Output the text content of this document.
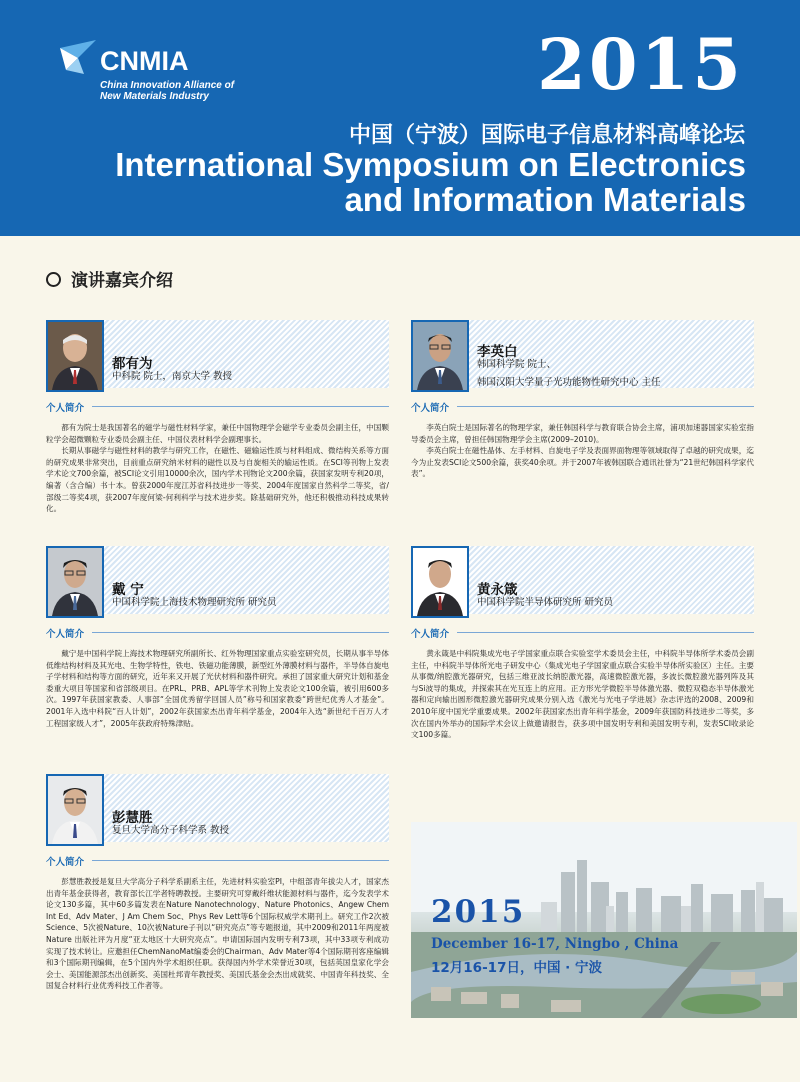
CNMIA
China Innovation Alliance of New Materials Industry	2015
中国（宁波）国际电子信息材料高峰论坛
International Symposium on Electronics
and Information Materials
演讲嘉宾介绍
都有为
中科院 院士，南京大学 教授
个人简介

都有为院士是我国著名的磁学与磁性材料学家，兼任中国物理学会磁学专业委员会副主任，中国颗粒学会超微颗粒专业委员会副主任、中国仪表材料学会副理事长。

长期从事磁学与磁性材料的教学与研究工作，在磁性、磁输运性质与材料组成、微结构关系等方面的研究成果非常突出，目前重点研究纳米材料的磁性以及与自旋相关的输运性质。在SCI等刊物上发表学术论文700余篇，被SCI论文引用10000余次，国内学术刊物论文200余篇，获国家发明专利20项，编著（含合编）书十本。曾获2000年度江苏省科技进步一等奖、2004年度国家自然科学二等奖，省/部级二等奖4项，获2007年度何梁-何利科学与技术进步奖。除基础研究外，他还积极推动科技成果转化。

李英白
韩国科学院 院士、
韩国汉阳大学量子光功能物性研究中心 主任
个人简介

李英白院士是国际著名的物理学家，兼任韩国科学与教育联合协会主席，浦项加速器国家实验室指导委员会主席，曾担任韩国物理学会主席(2009–2010)。

李英白院士在磁性晶体、左手材料、自旋电子学及表面界面物理等领域取得了卓越的研究成果，迄今为止发表SCI论文500余篇，获奖40余项。并于2007年被韩国联合通讯社誉为“21世纪韩国科学家代表”。

戴 宁
中国科学院上海技术物理研究所 研究员
个人简介

戴宁是中国科学院上海技术物理研究所副所长、红外物理国家重点实验室研究员，长期从事半导体低维结构材料及其光电、生物学特性，铁电、铁磁功能薄膜，新型红外薄膜材料与器件，半导体自旋电子学材料和结构等方面的研究，近年来又开展了光伏材料和器件研究。承担了国家重大研究计划和基金委重大项目等国家和省部级项目。在PRL、PRB、APL等学术刊物上发表论文100余篇，被引用600多次。1997年获国家教委、人事部“全国优秀留学回国人员”称号和国家教委“跨世纪优秀人才基金”。2001年入选中科院“百人计划”，2002年获国家杰出青年科学基金，2004年入选“新世纪千百万人才工程国家级人才”，2005年获政府特殊津贴。

黄永箴
中国科学院半导体研究所 研究员
个人简介

黄永箴是中科院集成光电子学国家重点联合实验室学术委员会主任，中科院半导体所学术委员会副主任，中科院半导体所光电子研发中心（集成光电子学国家重点联合实验半导体所实验区）主任。主要从事微/纳腔激光器研究，包括三维亚波长纳腔激光器，高速微腔激光器，多波长微腔激光器列阵及其与Si波导的集成，并探索其在光互连上的应用。正方形光学微腔半导体激光器、微腔双稳态半导体激光器和定向输出圆形微腔激光器研究成果分别入选《激光与光电子学进展》杂志评选的2008、2009和2010年度中国光学重要成果。2002年获国家杰出青年科学基金，2009年获国防科技进步二等奖，多次在国内外举办的国际学术会议上做邀请报告，获多项中国发明专利和美国发明专利，发表SCI收录论文100多篇。

彭慧胜
复旦大学高分子科学系 教授
个人简介

彭慧胜教授是复旦大学高分子科学系副系主任，先进材料实验室PI，中组部青年拔尖人才，国家杰出青年基金获得者，教育部长江学者特聘教授。主要研究可穿戴纤维状能源材料与器件，迄今发表学术论文130多篇，其中60多篇发表在Nature Nanotechnology、Nature Photonics、Angew Chem Int Ed、Adv Mater、J Am Chem Soc、Phys Rev Lett等6个国际权威学术期刊上。研究工作2次被Science、5次被Nature、10次被Nature子刊以“研究亮点”等专题报道，其中2009和2011年两度被 Nature 出版社评为月度“亚太地区十大研究亮点”。申请国际国内发明专利73项，其中33项专利成功实现了技术转让。应邀担任ChemNanoMat编委会的Chairman、Adv Mater等4个国际期刊客座编辑和3个国际期刊编辑，在5个国内外学术组织任职。获得国内外学术荣誉近30项，包括英国皇家化学会会士、美国能源部杰出创新奖、美国杜邦青年教授奖、美国氏基金会杰出成就奖、中国青年科技奖、全国复合材料行业优秀科技工作者等。

2015
December 16-17, Ningbo , China
12月16-17日，中国 · 宁波
